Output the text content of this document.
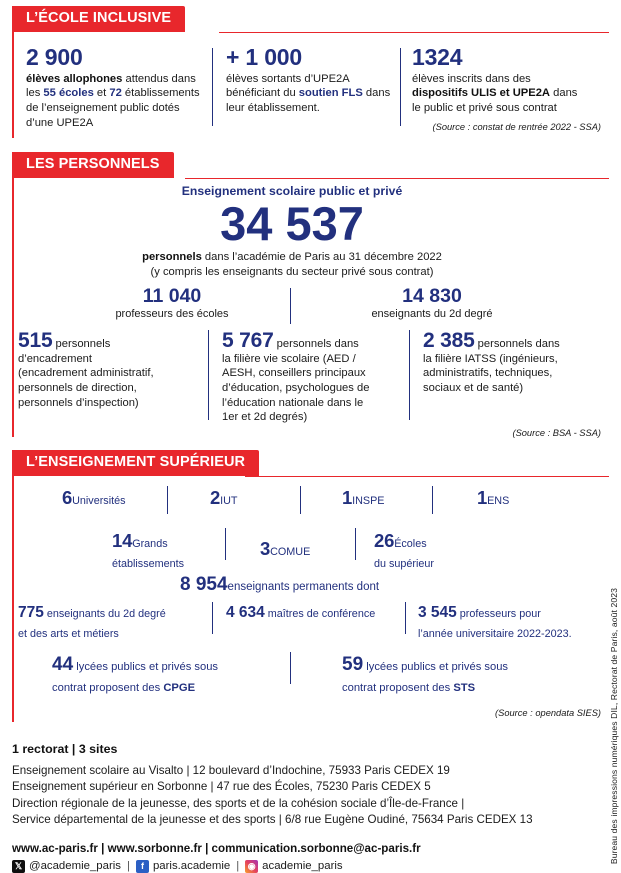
L’ÉCOLE INCLUSIVE
2 900
élèves allophones attendus dans
les 55 écoles et 72 établissements
de l’enseignement public dotés
d’une UPE2A
+ 1 000
élèves sortants d’UPE2A
bénéficiant du soutien FLS dans
leur établissement.
1324
élèves inscrits dans des
dispositifs ULIS et UPE2A dans
le public et privé sous contrat
(Source : constat de rentrée 2022 - SSA)
LES PERSONNELS
Enseignement scolaire public et privé
34 537
personnels dans l’académie de Paris au 31 décembre 2022
(y compris les enseignants du secteur privé sous contrat)
11 040
professeurs des écoles
14 830
enseignants du 2d degré
515 personnels
d’encadrement
(encadrement administratif,
personnels de direction,
personnels d’inspection)
5 767 personnels dans
la filière vie scolaire (AED /
AESH, conseillers principaux
d’éducation, psychologues de
l’éducation nationale dans le
1er et 2d degrés)
2 385 personnels dans
la filière IATSS (ingénieurs,
administratifs, techniques,
sociaux et de santé)
(Source : BSA - SSA)
L’ENSEIGNEMENT SUPÉRIEUR
6Universités	2IUT	1INSPE	1ENS
14Grands
établissements
3COMUE
26Écoles
du supérieur
8 954enseignants permanents dont
775 enseignants du 2d degré
et des arts et métiers
4 634 maîtres de conférence	3 545 professeurs pour
l’année universitaire 2022-2023.
44 lycées publics et privés sous
contrat proposent des CPGE
59 lycées publics et privés sous
contrat proposent des STS
(Source : opendata SIES)
1 rectorat | 3 sites
Enseignement scolaire au Visalto | 12 boulevard d’Indochine, 75933 Paris CEDEX 19
Enseignement supérieur en Sorbonne | 47 rue des Écoles, 75230 Paris CEDEX 5
Direction régionale de la jeunesse, des sports et de la cohésion sociale d’Île-de-France |
Service départemental de la jeunesse et des sports | 6/8 rue Eugène Oudiné, 75634 Paris CEDEX 13
www.ac-paris.fr | www.sorbonne.fr | communication.sorbonne@ac-paris.fr
𝕏 @academie_paris |	f paris.academie | ◉ academie_paris
Bureau des impressions numériques DIL, Rectorat de Paris, août 2023
